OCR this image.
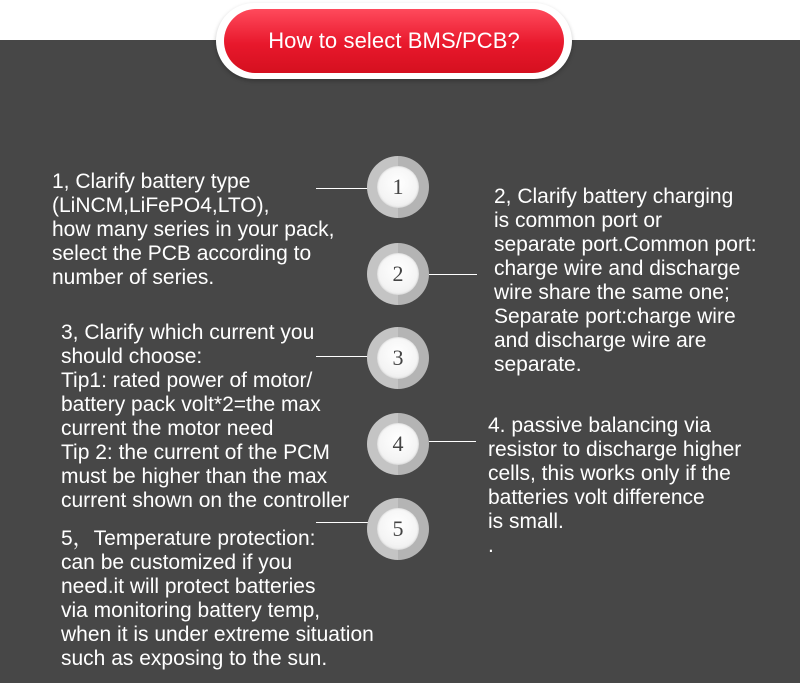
How to select BMS/PCB?

1, Clarify battery type
(LiNCM,LiFePO4,LTO),
how many series in your pack,
select the PCB according to
number of series.

1	2, Clarify battery charging
is common port or
separate port.Common port:
charge wire and discharge
wire share the same one;
Separate port:charge wire
and discharge wire are
separate.

2

3, Clarify which current you
should choose:
Tip1: rated power of motor/
battery pack volt*2=the max
current the motor need
Tip 2: the current of the PCM
must be higher than the max
current shown on the controller

3

4. passive balancing via
resistor to discharge higher
cells, this works only if the
batteries volt difference
is small.
.

4

5，Temperature protection:
can be customized if you
need.it will protect batteries
via monitoring battery temp,
when it is under extreme situation
such as exposing to the sun.

5
